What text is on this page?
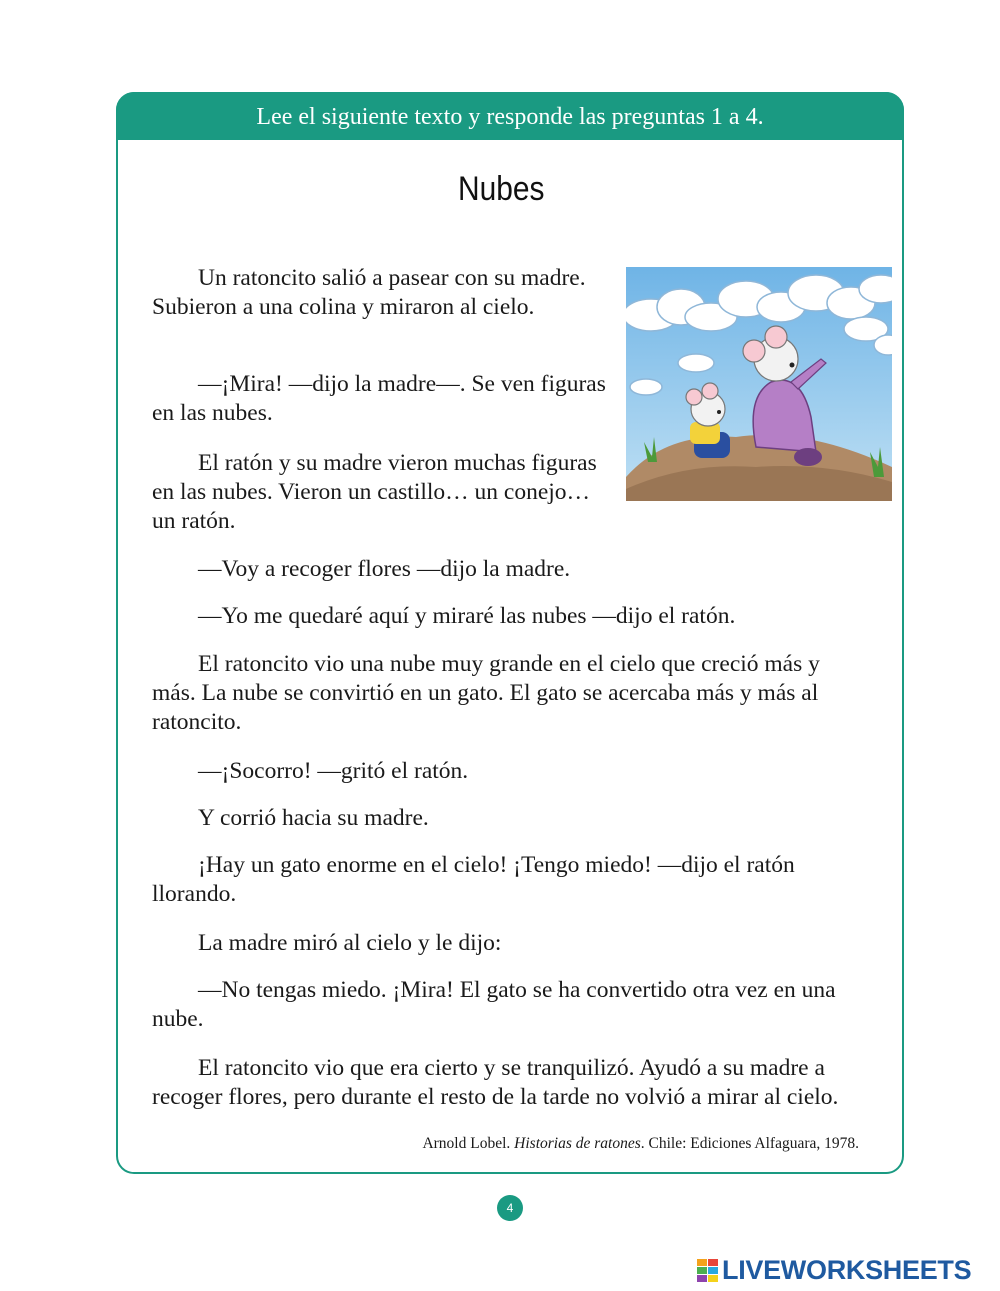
Lee el siguiente texto y responde las preguntas 1 a 4.
Nubes

Un ratoncito salió a pasear con su madre. Subieron a una colina y miraron al cielo.

—¡Mira! —dijo la madre—. Se ven figuras en las nubes.

El ratón y su madre vieron muchas figuras en las nubes. Vieron un castillo… un conejo… un ratón.

—Voy a recoger flores —dijo la madre.

—Yo me quedaré aquí y miraré las nubes —dijo el ratón.

El ratoncito vio una nube muy grande en el cielo que creció más y más. La nube se convirtió en un gato. El gato se acercaba más y más al ratoncito.

—¡Socorro! —gritó el ratón.

Y corrió hacia su madre.

¡Hay un gato enorme en el cielo! ¡Tengo miedo! —dijo el ratón llorando.

La madre miró al cielo y le dijo:

—No tengas miedo. ¡Mira! El gato se ha convertido otra vez en una nube.

El ratoncito vio que era cierto y se tranquilizó. Ayudó a su madre a recoger flores, pero durante el resto de la tarde no volvió a mirar al cielo.

Arnold Lobel. Historias de ratones. Chile: Ediciones Alfaguara, 1978.
4
LIVEWORKSHEETS
